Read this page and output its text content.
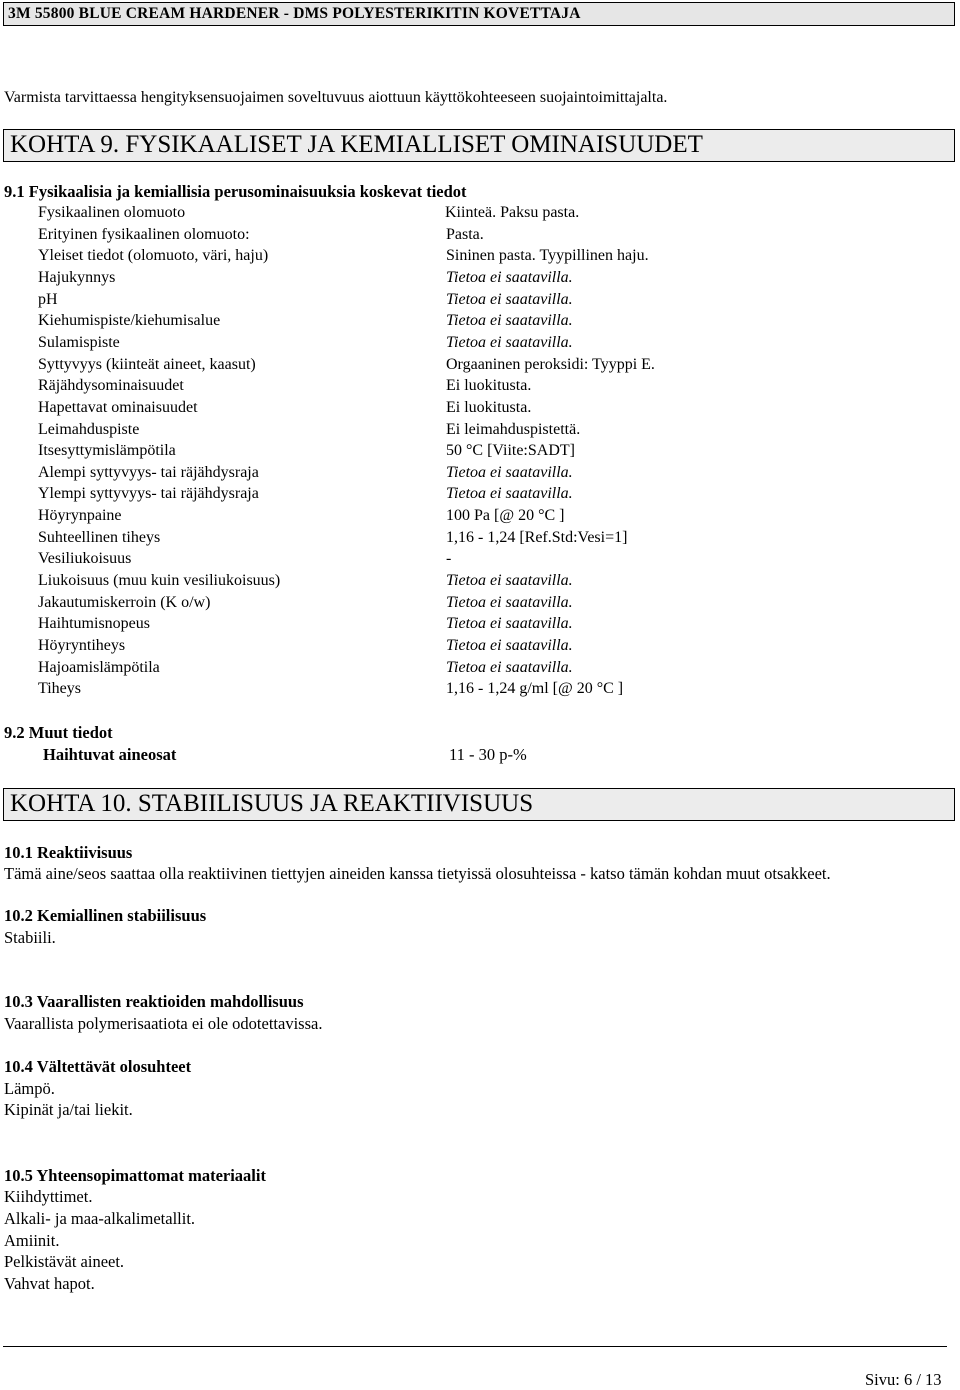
3M 55800 BLUE CREAM HARDENER - DMS POLYESTERIKITIN KOVETTAJA
Varmista tarvittaessa hengityksensuojaimen soveltuvuus aiottuun käyttökohteeseen suojaintoimittajalta.
KOHTA 9. FYSIKAALISET JA KEMIALLISET OMINAISUUDET
9.1 Fysikaalisia ja kemiallisia perusominaisuuksia koskevat tiedot
Fysikaalinen olomuoto	Kiinteä. Paksu pasta.
Erityinen fysikaalinen olomuoto:	Pasta.
Yleiset tiedot (olomuoto, väri, haju)	Sininen pasta. Tyypillinen haju.
Hajukynnys	Tietoa ei saatavilla.
pH	Tietoa ei saatavilla.
Kiehumispiste/kiehumisalue	Tietoa ei saatavilla.
Sulamispiste	Tietoa ei saatavilla.
Syttyvyys (kiinteät aineet, kaasut)	Orgaaninen peroksidi: Tyyppi E.
Räjähdysominaisuudet	Ei luokitusta.
Hapettavat ominaisuudet	Ei luokitusta.
Leimahduspiste	Ei leimahduspistettä.
Itsesyttymislämpötila	50 °C [Viite:SADT]
Alempi syttyvyys- tai räjähdysraja	Tietoa ei saatavilla.
Ylempi syttyvyys- tai räjähdysraja	Tietoa ei saatavilla.
Höyrynpaine	100 Pa [@ 20 °C ]
Suhteellinen tiheys	1,16 - 1,24 [Ref.Std:Vesi=1]
Vesiliukoisuus	-
Liukoisuus (muu kuin vesiliukoisuus)	Tietoa ei saatavilla.
Jakautumiskerroin (K o/w)	Tietoa ei saatavilla.
Haihtumisnopeus	Tietoa ei saatavilla.
Höyryntiheys	Tietoa ei saatavilla.
Hajoamislämpötila	Tietoa ei saatavilla.
Tiheys	1,16 - 1,24 g/ml [@ 20 °C ]
9.2 Muut tiedot
Haihtuvat aineosat	11 - 30 p-%
KOHTA 10. STABIILISUUS JA REAKTIIVISUUS
10.1 Reaktiivisuus
Tämä aine/seos saattaa olla reaktiivinen tiettyjen aineiden kanssa tietyissä olosuhteissa - katso tämän kohdan muut otsakkeet.
10.2 Kemiallinen stabiilisuus
Stabiili.
10.3 Vaarallisten reaktioiden mahdollisuus
Vaarallista polymerisaatiota ei ole odotettavissa.
10.4 Vältettävät olosuhteet
Lämpö.
Kipinät ja/tai liekit.
10.5 Yhteensopimattomat materiaalit
Kiihdyttimet.
Alkali- ja maa-alkalimetallit.
Amiinit.
Pelkistävät aineet.
Vahvat hapot.
Sivu: 6 / 13
